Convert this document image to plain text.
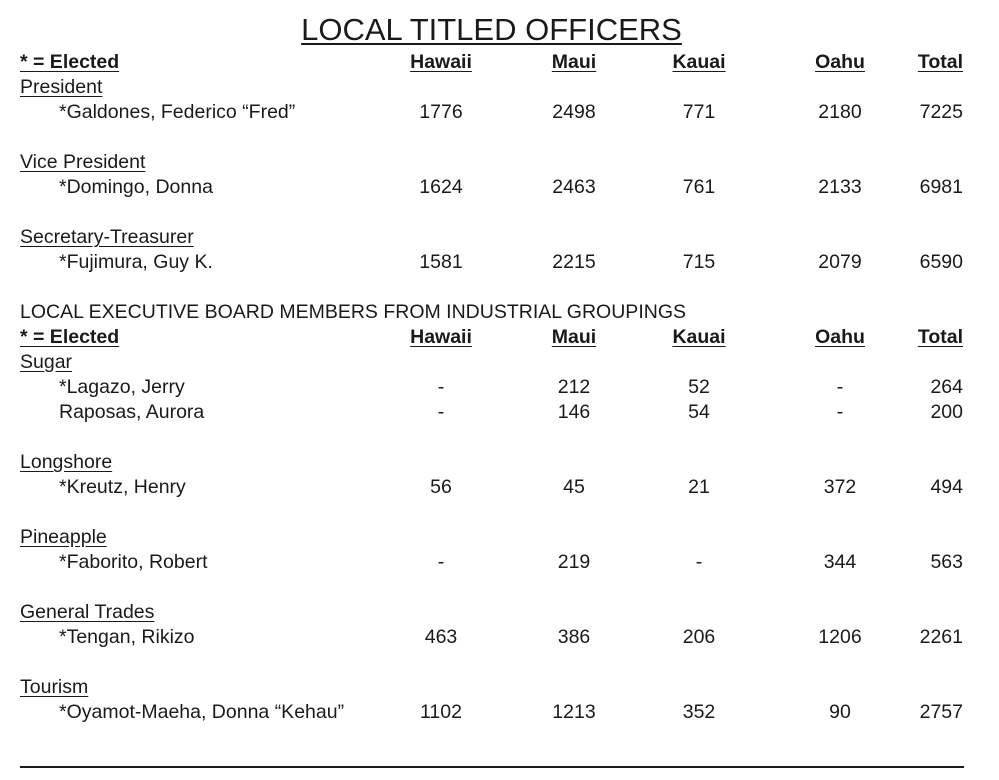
LOCAL TITLED OFFICERS
* = Elected	Hawaii	Maui	Kauai	Oahu	Total
President
*Galdones, Federico “Fred”	1776	2498	771	2180	7225
Vice President
*Domingo, Donna	1624	2463	761	2133	6981
Secretary-Treasurer
*Fujimura, Guy K.	1581	2215	715	2079	6590
LOCAL EXECUTIVE BOARD MEMBERS FROM INDUSTRIAL GROUPINGS
* = Elected	Hawaii	Maui	Kauai	Oahu	Total
Sugar
*Lagazo, Jerry	-	212	52	-	264
Raposas, Aurora	-	146	54	-	200
Longshore
*Kreutz, Henry	56	45	21	372	494
Pineapple
*Faborito, Robert	-	219	-	344	563
General Trades
*Tengan, Rikizo	463	386	206	1206	2261
Tourism
*Oyamot-Maeha, Donna “Kehau”	1102	1213	352	90	2757
